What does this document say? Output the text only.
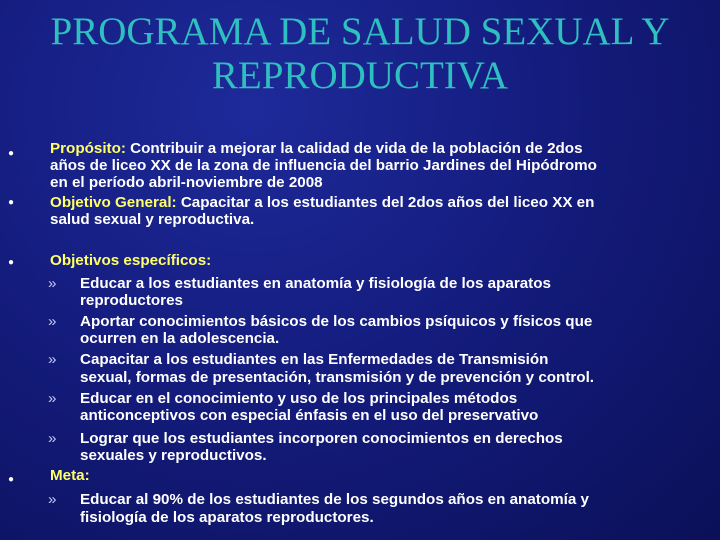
PROGRAMA DE SALUD SEXUAL Y
REPRODUCTIVA
●
Propósito: Contribuir a mejorar la calidad de vida de la población de 2dos
años de liceo XX de la zona de influencia del barrio Jardines del Hipódromo
en el período abril-noviembre de 2008
●
Objetivo General: Capacitar a los estudiantes del 2dos años del liceo XX en
salud sexual y reproductiva.
●
Objetivos específicos:
» Educar a los estudiantes en anatomía y fisiología de los aparatos
reproductores
» Aportar conocimientos básicos de los cambios psíquicos y físicos que
ocurren en la adolescencia.
» Capacitar a los estudiantes en las Enfermedades de Transmisión
sexual, formas de presentación, transmisión y de prevención y control.
» Educar en el conocimiento y uso de los principales métodos
anticonceptivos con especial énfasis en el uso del preservativo
» Lograr que los estudiantes incorporen conocimientos en derechos
sexuales y reproductivos.
●
Meta:
» Educar al 90% de los estudiantes de los segundos años en anatomía y
fisiología de los aparatos reproductores.
